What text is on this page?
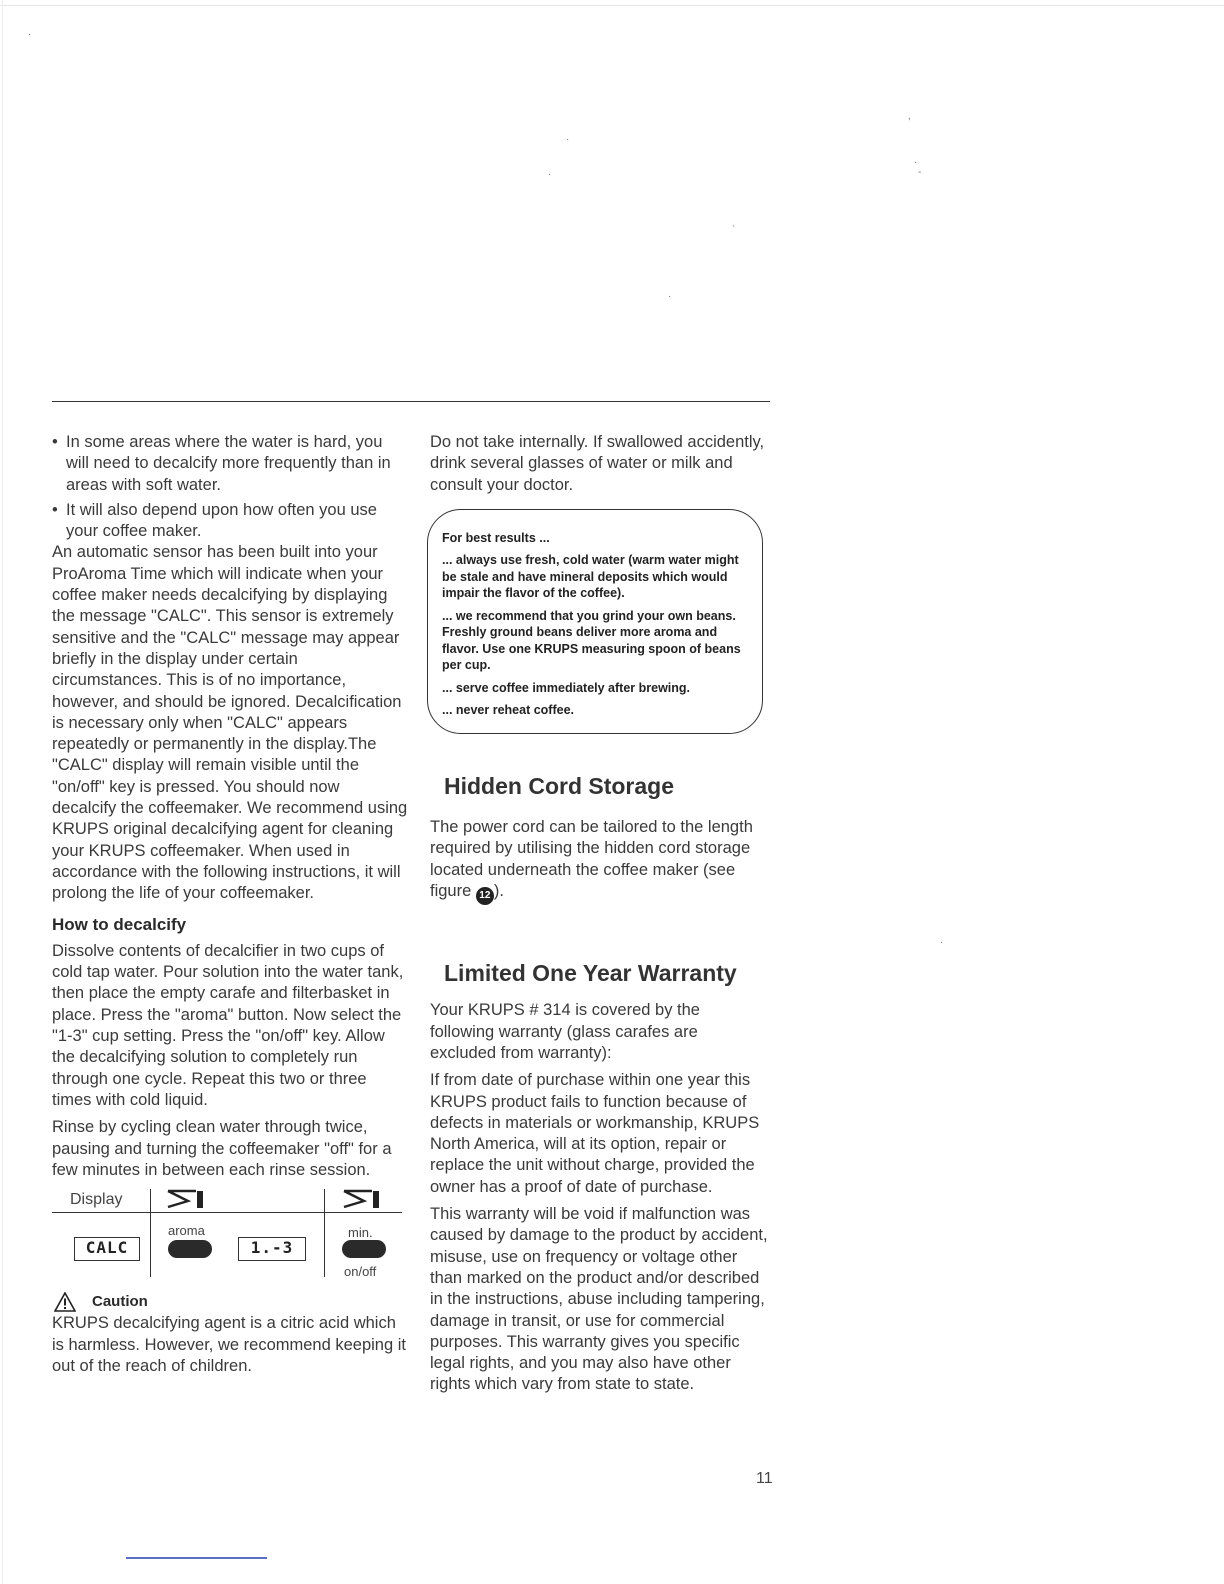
·
,
·
-
·
·
`
·
·
• In some areas where the water is hard, you will need to decalcify more frequently than in areas with soft water.
• It will also depend upon how often you use your coffee maker.

An automatic sensor has been built into your ProAroma Time which will indicate when your coffee maker needs decalcifying by displaying the message "CALC". This sensor is extremely sensitive and the "CALC" message may appear briefly in the display under certain circumstances. This is of no importance, however, and should be ignored. Decalcification is necessary only when "CALC" appears repeatedly or permanently in the display.The "CALC" display will remain visible until the "on/off" key is pressed. You should now decalcify the coffeemaker. We recommend using KRUPS original decalcifying agent for cleaning your KRUPS coffeemaker. When used in accordance with the following instructions, it will prolong the life of your coffeemaker.

How to decalcify

Dissolve contents of decalcifier in two cups of cold tap water. Pour solution into the water tank, then place the empty carafe and filterbasket in place. Press the "aroma" button. Now select the "1-3" cup setting. Press the "on/off" key. Allow the decalcifying solution to completely run through one cycle. Repeat this two or three times with cold liquid.

Rinse by cycling clean water through twice, pausing and turning the coffeemaker "off" for a few minutes in between each rinse session.

Display
CALC
aroma
1.-3
min.
on/off
Caution

KRUPS decalcifying agent is a citric acid which is harmless. However, we recommend keeping it out of the reach of children.

Do not take internally. If swallowed accidently, drink several glasses of water or milk and consult your doctor.

For best results ...
... always use fresh, cold water (warm water might be stale and have mineral deposits which would impair the flavor of the coffee).
... we recommend that you grind your own beans. Freshly ground beans deliver more aroma and flavor. Use one KRUPS measuring spoon of beans per cup.
... serve coffee immediately after brewing.
... never reheat coffee.
Hidden Cord Storage

The power cord can be tailored to the length required by utilising the hidden cord storage located underneath the coffee maker (see figure 12 ).

Limited One Year Warranty

Your KRUPS # 314 is covered by the following warranty (glass carafes are excluded from warranty):

If from date of purchase within one year this KRUPS product fails to function because of defects in materials or workmanship, KRUPS North America, will at its option, repair or replace the unit without charge, provided the owner has a proof of date of purchase.

This warranty will be void if malfunction was caused by damage to the product by accident, misuse, use on frequency or voltage other than marked on the product and/or described in the instructions, abuse including tampering, damage in transit, or use for commercial purposes. This warranty gives you specific legal rights, and you may also have other rights which vary from state to state.

11
